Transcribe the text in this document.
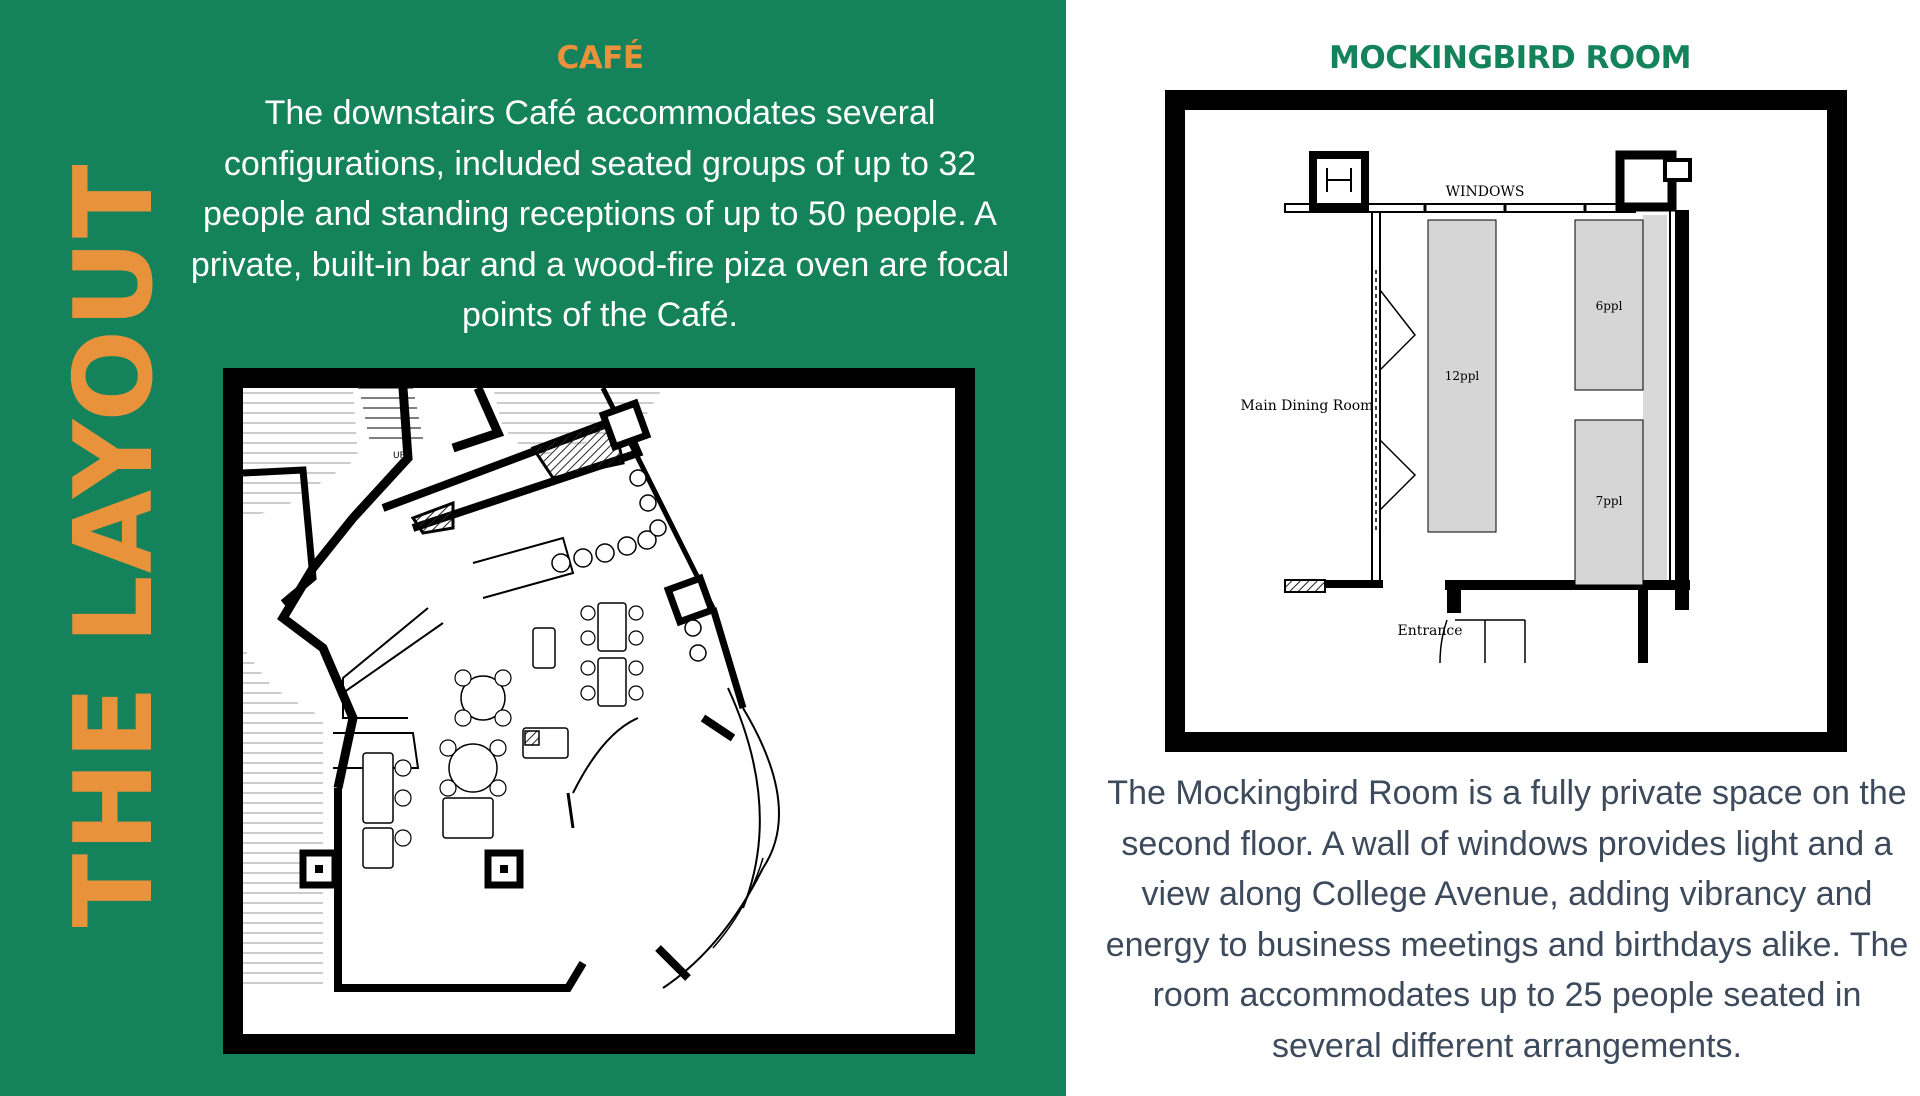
THE LAYOUT
CAFÉ
The downstairs Café accommodates several configurations, included seated groups of up to 32 people and standing receptions of up to 50 people. A private, built-in bar and a wood-fire piza oven are focal points of the Café.
MOCKINGBIRD ROOM
The Mockingbird Room is a fully private space on the second floor. A wall of windows provides light and a view along College Avenue, adding vibrancy and energy to business meetings and birthdays alike. The room accommodates up to 25 people seated in several different arrangements.
UP
WINDOWS
12ppl
6ppl
7ppl
Main Dining Room
Entrance
